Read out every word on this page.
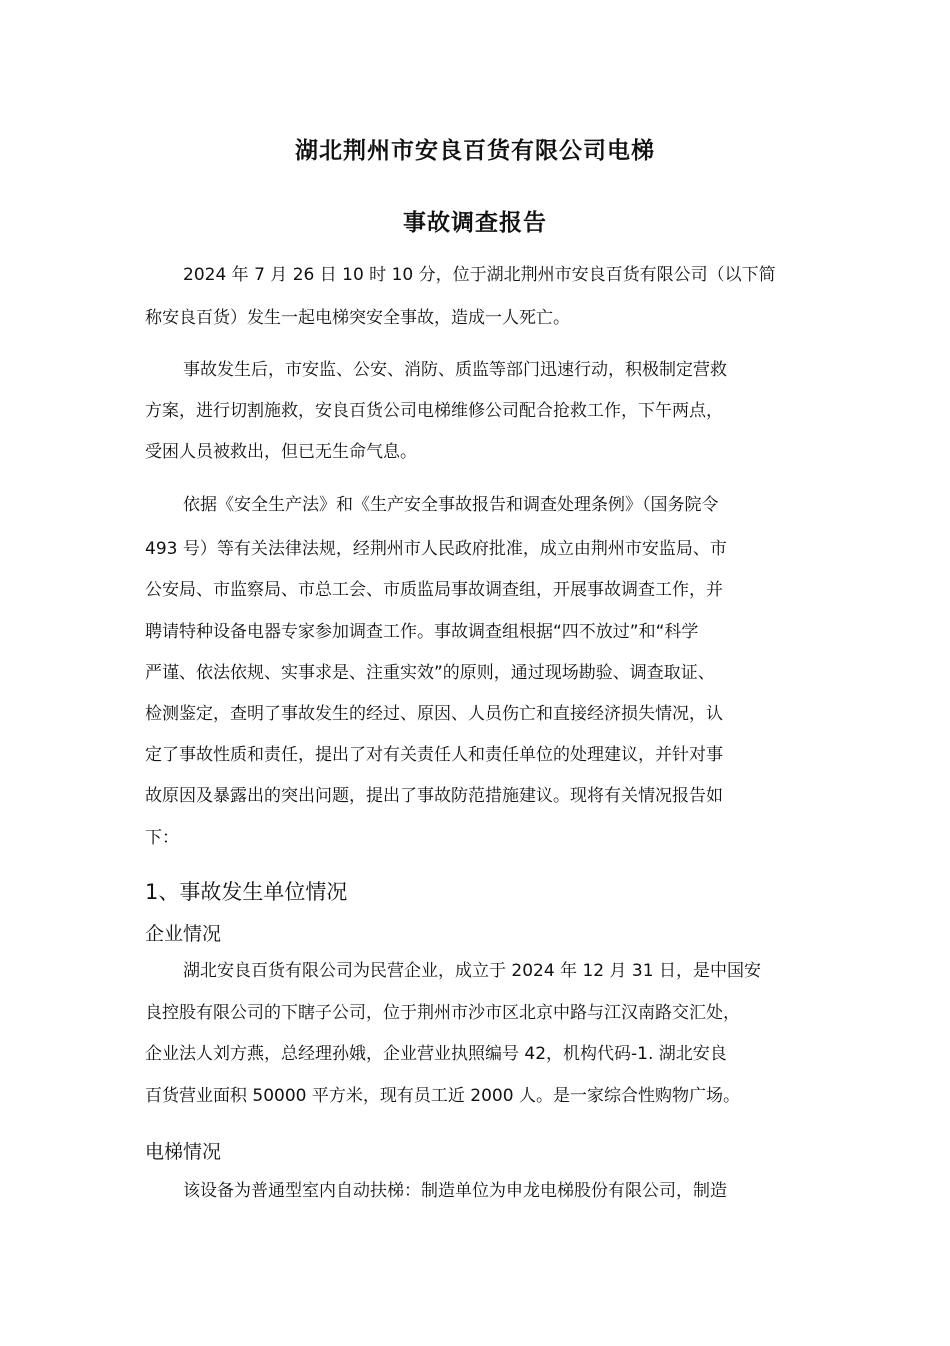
湖北荆州市安良百货有限公司电梯
事故调查报告
2024 年 7 月 26 日 10 时 10 分，位于湖北荆州市安良百货有限公司（以下简
称安良百货）发生一起电梯突安全事故，造成一人死亡。
事故发生后，市安监、公安、消防、质监等部门迅速行动，积极制定营救
方案，进行切割施救，安良百货公司电梯维修公司配合抢救工作，下午两点，
受困人员被救出，但已无生命气息。
依据《安全生产法》和《生产安全事故报告和调查处理条例》（国务院令
493 号）等有关法律法规，经荆州市人民政府批准，成立由荆州市安监局、市
公安局、市监察局、市总工会、市质监局事故调查组，开展事故调查工作，并
聘请特种设备电器专家参加调查工作。事故调查组根据“四不放过”和“科学
严谨、依法依规、实事求是、注重实效”的原则，通过现场勘验、调查取证、
检测鉴定，查明了事故发生的经过、原因、人员伤亡和直接经济损失情况，认
定了事故性质和责任，提出了对有关责任人和责任单位的处理建议，并针对事
故原因及暴露出的突出问题，提出了事故防范措施建议。现将有关情况报告如
下：
1、事故发生单位情况
企业情况
湖北安良百货有限公司为民营企业，成立于 2024 年 12 月 31 日，是中国安
良控股有限公司的下瞎子公司，位于荆州市沙市区北京中路与江汉南路交汇处，
企业法人刘方燕，总经理孙娥，企业营业执照编号 42，机构代码-1. 湖北安良
百货营业面积 50000 平方米，现有员工近 2000 人。是一家综合性购物广场。
电梯情况
该设备为普通型室内自动扶梯：制造单位为申龙电梯股份有限公司，制造
